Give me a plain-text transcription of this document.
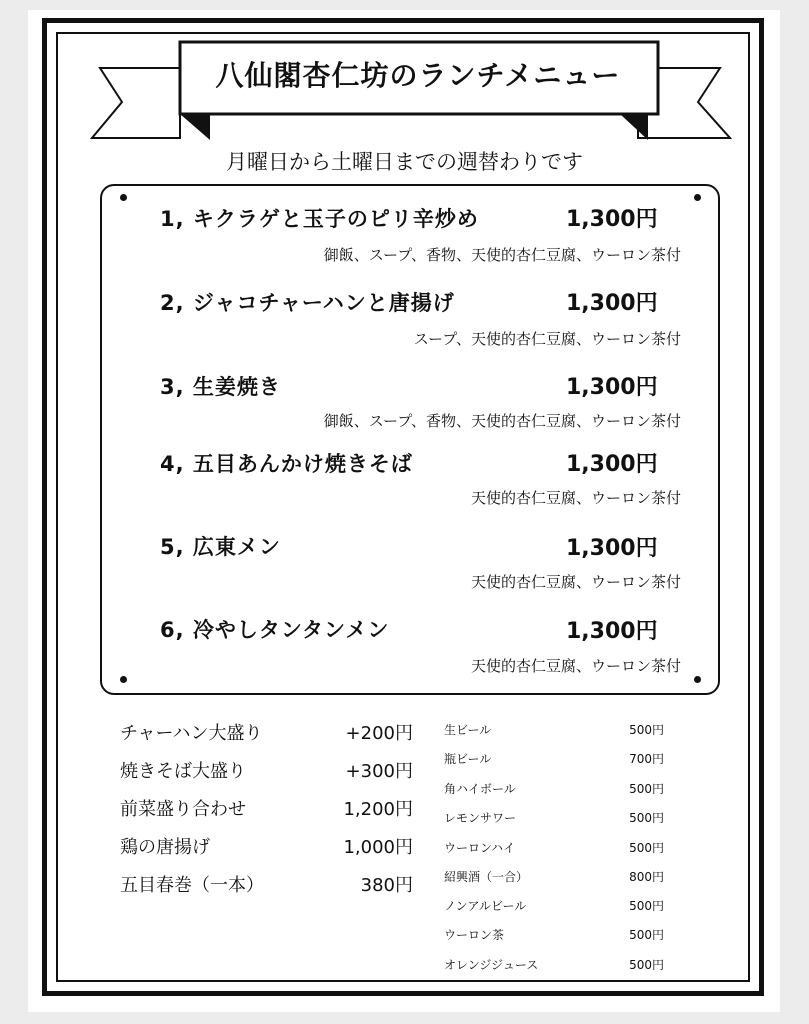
八仙閣杏仁坊のランチメニュー
月曜日から土曜日までの週替わりです
1, キクラゲと玉子のピリ辛炒め	1,300円
御飯、スープ、香物、天使的杏仁豆腐、ウーロン茶付
2, ジャコチャーハンと唐揚げ	1,300円
スープ、天使的杏仁豆腐、ウーロン茶付
3, 生姜焼き	1,300円
御飯、スープ、香物、天使的杏仁豆腐、ウーロン茶付
4, 五目あんかけ焼きそば	1,300円
天使的杏仁豆腐、ウーロン茶付
5, 広東メン	1,300円
天使的杏仁豆腐、ウーロン茶付
6, 冷やしタンタンメン	1,300円
天使的杏仁豆腐、ウーロン茶付
チャーハン大盛り	+200円
焼きそば大盛り	+300円
前菜盛り合わせ	1,200円
鶏の唐揚げ	1,000円
五目春巻（一本）	380円
生ビール	500円
瓶ビール	700円
角ハイボール	500円
レモンサワー	500円
ウーロンハイ	500円
紹興酒（一合）	800円
ノンアルビール	500円
ウーロン茶	500円
オレンジジュース	500円
